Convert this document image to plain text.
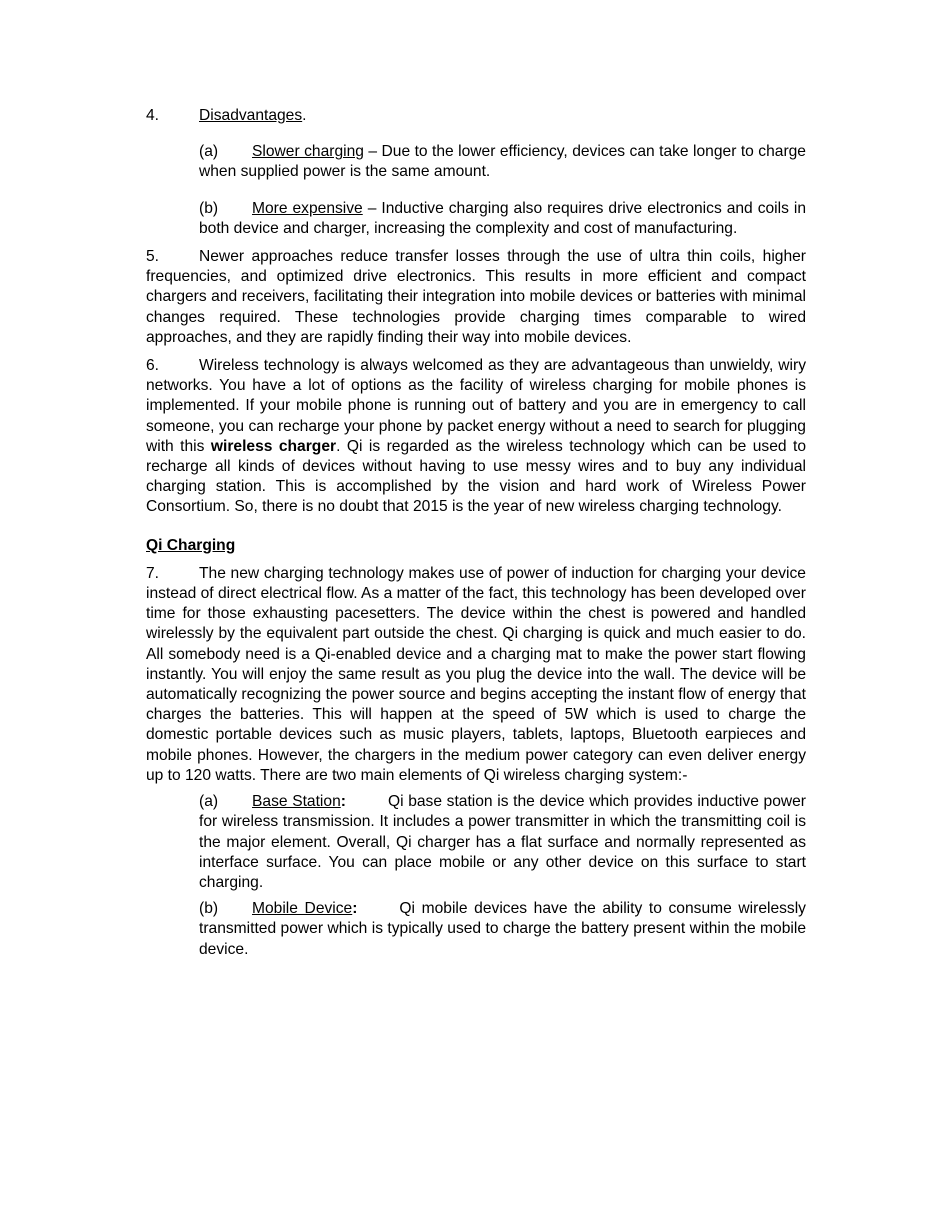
4.	Disadvantages.

(a) Slower charging – Due to the lower efficiency, devices can take longer to charge when supplied power is the same amount.

(b) More expensive – Inductive charging also requires drive electronics and coils in both device and charger, increasing the complexity and cost of manufacturing.

5.	Newer approaches reduce transfer losses through the use of ultra thin coils, higher frequencies, and optimized drive electronics. This results in more efficient and compact chargers and receivers, facilitating their integration into mobile devices or batteries with minimal changes required. These technologies provide charging times comparable to wired approaches, and they are rapidly finding their way into mobile devices.

6.	Wireless technology is always welcomed as they are advantageous than unwieldy, wiry networks. You have a lot of options as the facility of wireless charging for mobile phones is implemented. If your mobile phone is running out of battery and you are in emergency to call someone, you can recharge your phone by packet energy without a need to search for plugging with this wireless charger. Qi is regarded as the wireless technology which can be used to recharge all kinds of devices without having to use messy wires and to buy any individual charging station. This is accomplished by the vision and hard work of Wireless Power Consortium. So, there is no doubt that 2015 is the year of new wireless charging technology.

Qi Charging

7.	The new charging technology makes use of power of induction for charging your device instead of direct electrical flow. As a matter of the fact, this technology has been developed over time for those exhausting pacesetters. The device within the chest is powered and handled wirelessly by the equivalent part outside the chest. Qi charging is quick and much easier to do. All somebody need is a Qi-enabled device and a charging mat to make the power start flowing instantly. You will enjoy the same result as you plug the device into the wall. The device will be automatically recognizing the power source and begins accepting the instant flow of energy that charges the batteries. This will happen at the speed of 5W which is used to charge the domestic portable devices such as music players, tablets, laptops, Bluetooth earpieces and mobile phones. However, the chargers in the medium power category can even deliver energy up to 120 watts. There are two main elements of Qi wireless charging system:-

(a) Base Station:	Qi base station is the device which provides inductive power for wireless transmission. It includes a power transmitter in which the transmitting coil is the major element. Overall, Qi charger has a flat surface and normally represented as interface surface. You can place mobile or any other device on this surface to start charging.

(b) Mobile Device:	Qi mobile devices have the ability to consume wirelessly transmitted power which is typically used to charge the battery present within the mobile device.
